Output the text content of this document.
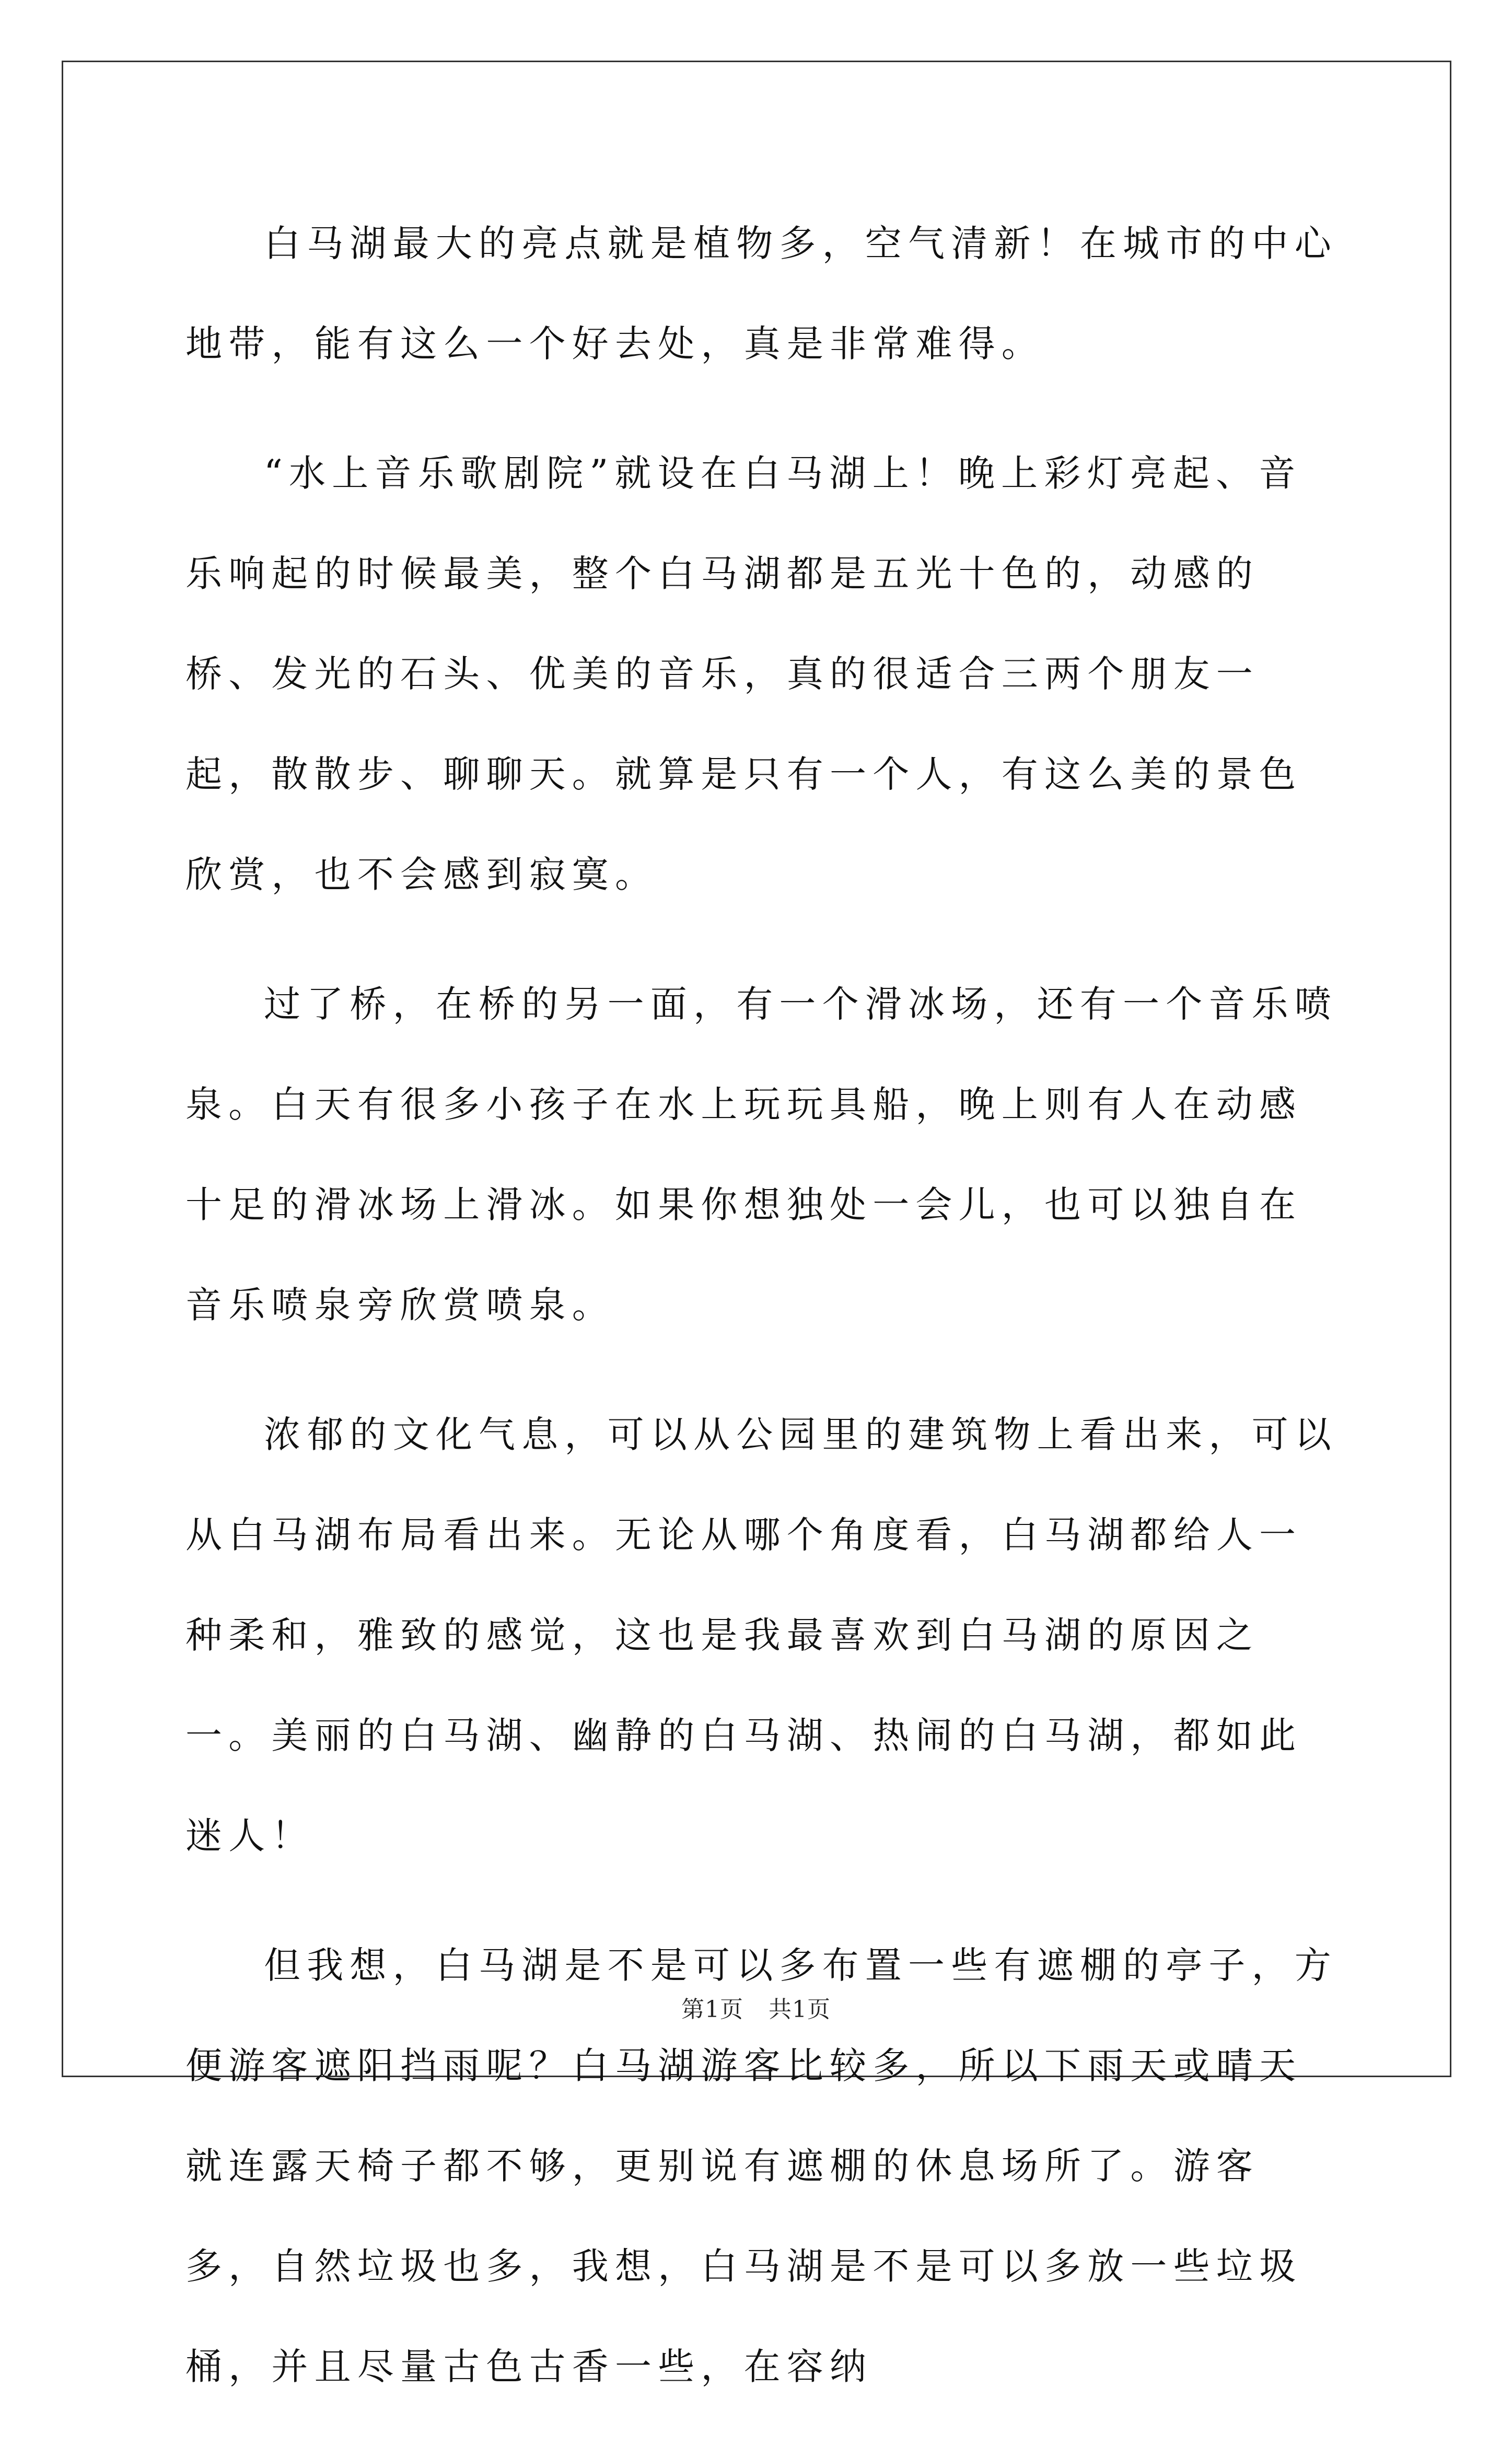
白马湖最大的亮点就是植物多，空气清新！在城市的中心地带，能有这么一个好去处，真是非常难得。

“水上音乐歌剧院”就设在白马湖上！晚上彩灯亮起、音乐响起的时候最美，整个白马湖都是五光十色的，动感的桥、发光的石头、优美的音乐，真的很适合三两个朋友一起，散散步、聊聊天。就算是只有一个人，有这么美的景色欣赏，也不会感到寂寞。

过了桥，在桥的另一面，有一个滑冰场，还有一个音乐喷泉。白天有很多小孩子在水上玩玩具船，晚上则有人在动感十足的滑冰场上滑冰。如果你想独处一会儿，也可以独自在音乐喷泉旁欣赏喷泉。

浓郁的文化气息，可以从公园里的建筑物上看出来，可以从白马湖布局看出来。无论从哪个角度看，白马湖都给人一种柔和，雅致的感觉，这也是我最喜欢到白马湖的原因之一。美丽的白马湖、幽静的白马湖、热闹的白马湖，都如此迷人！

但我想，白马湖是不是可以多布置一些有遮棚的亭子，方便游客遮阳挡雨呢？白马湖游客比较多，所以下雨天或晴天就连露天椅子都不够，更别说有遮棚的休息场所了。游客多，自然垃圾也多，我想，白马湖是不是可以多放一些垃圾桶，并且尽量古色古香一些，在容纳

第1页 共1页
